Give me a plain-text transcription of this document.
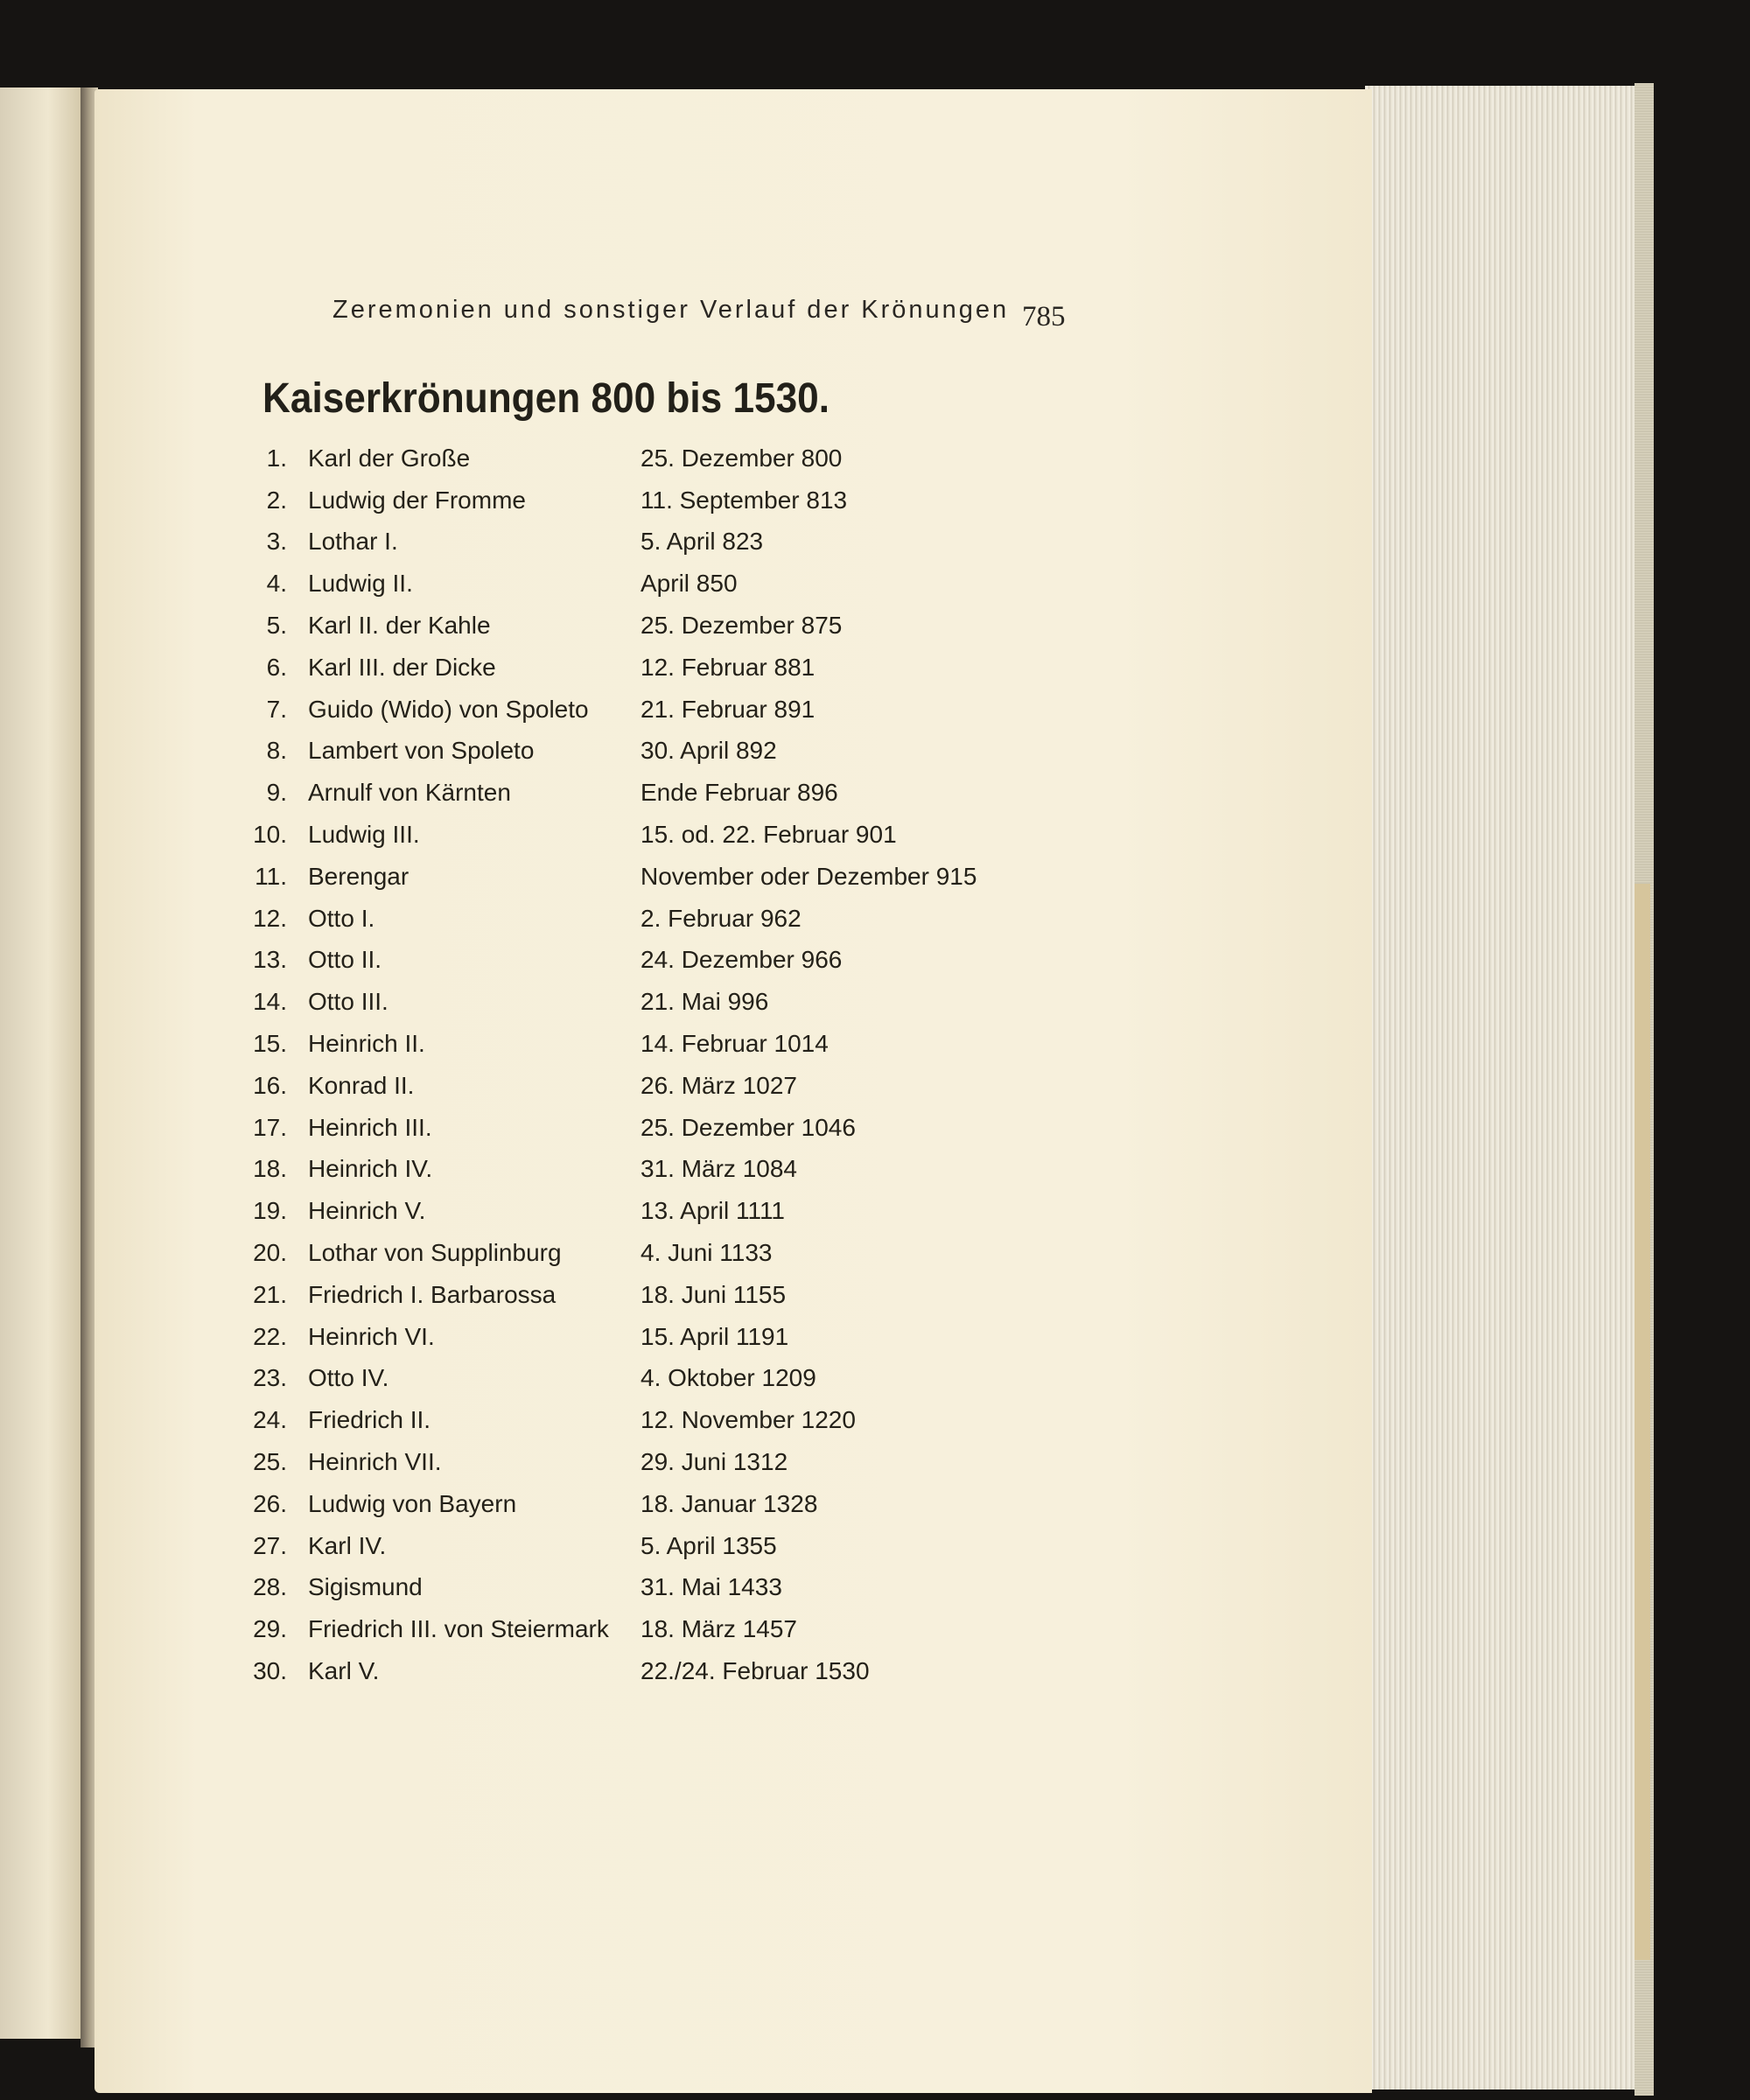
Zeremonien und sonstiger Verlauf der Krönungen 785
Kaiserkrönungen 800 bis 1530.
1. Karl der Große	25. Dezember 800
2. Ludwig der Fromme	11. September 813
3. Lothar I.	5. April 823
4. Ludwig II.	April 850
5. Karl II. der Kahle	25. Dezember 875
6. Karl III. der Dicke	12. Februar 881
7. Guido (Wido) von Spoleto	21. Februar 891
8. Lambert von Spoleto	30. April 892
9. Arnulf von Kärnten	Ende Februar 896
10. Ludwig III.	15. od. 22. Februar 901
11. Berengar	November oder Dezember 915
12. Otto I.	2. Februar 962
13. Otto II.	24. Dezember 966
14. Otto III.	21. Mai 996
15. Heinrich II.	14. Februar 1014
16. Konrad II.	26. März 1027
17. Heinrich III.	25. Dezember 1046
18. Heinrich IV.	31. März 1084
19. Heinrich V.	13. April 1111
20. Lothar von Supplinburg	4. Juni 1133
21. Friedrich I. Barbarossa	18. Juni 1155
22. Heinrich VI.	15. April 1191
23. Otto IV.	4. Oktober 1209
24. Friedrich II.	12. November 1220
25. Heinrich VII.	29. Juni 1312
26. Ludwig von Bayern	18. Januar 1328
27. Karl IV.	5. April 1355
28. Sigismund	31. Mai 1433
29. Friedrich III. von Steiermark	18. März 1457
30. Karl V.	22./24. Februar 1530
